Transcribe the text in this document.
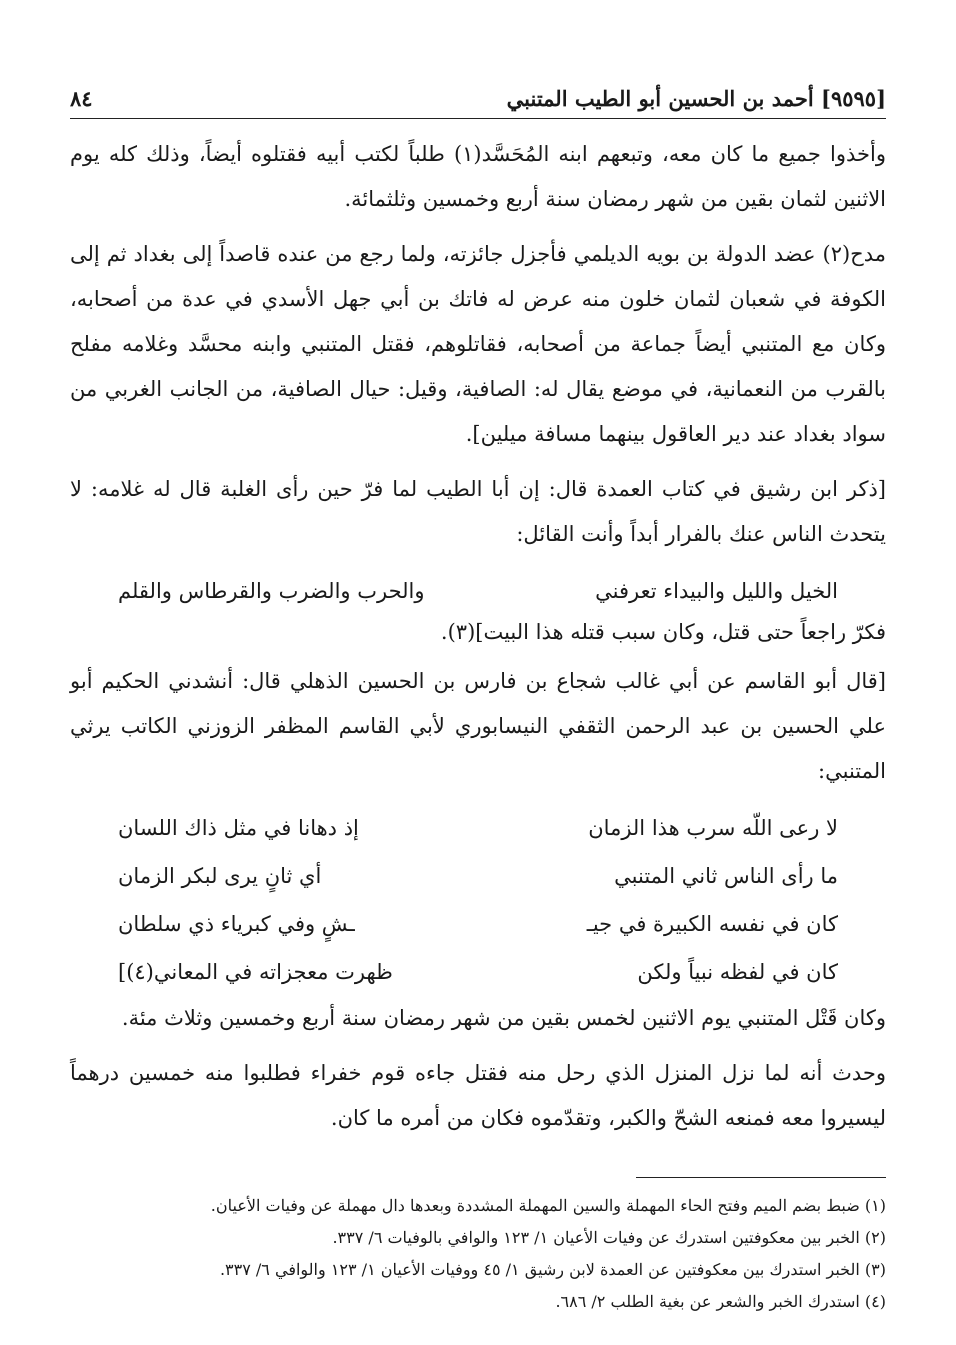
[٩٥٩٥] أحمد بن الحسين أبو الطيب المتنبي
٨٤

وأخذوا جميع ما كان معه، وتبعهم ابنه المُحَسَّد(١) طلباً لكتب أبيه فقتلوه أيضاً، وذلك كله يوم الاثنين لثمان بقين من شهر رمضان سنة أربع وخمسين وثلثمائة.

مدح(٢) عضد الدولة بن بويه الديلمي فأجزل جائزته، ولما رجع من عنده قاصداً إلى بغداد ثم إلى الكوفة في شعبان لثمان خلون منه عرض له فاتك بن أبي جهل الأسدي في عدة من أصحابه، وكان مع المتنبي أيضاً جماعة من أصحابه، فقاتلوهم، فقتل المتنبي وابنه محسَّد وغلامه مفلح بالقرب من النعمانية، في موضع يقال له: الصافية، وقيل: حيال الصافية، من الجانب الغربي من سواد بغداد عند دير العاقول بينهما مسافة ميلين].

[ذكر ابن رشيق في كتاب العمدة قال: إن أبا الطيب لما فرّ حين رأى الغلبة قال له غلامه: لا يتحدث الناس عنك بالفرار أبداً وأنت القائل:

الخيل والليل والبيداء تعرفني
والحرب والضرب والقرطاس والقلم

فكرّ راجعاً حتى قتل، وكان سبب قتله هذا البيت](٣).

[قال أبو القاسم عن أبي غالب شجاع بن فارس بن الحسين الذهلي قال: أنشدني الحكيم أبو علي الحسين بن عبد الرحمن الثقفي النيسابوري لأبي القاسم المظفر الزوزني الكاتب يرثي المتنبي:

لا رعى اللّه سرب هذا الزمان
إذ دهانا في مثل ذاك اللسان
ما رأى الناس ثاني المتنبي
أي ثانٍ يرى لبكر الزمان
كان في نفسه الكبيرة في جيـ
ـشٍ وفي كبرياء ذي سلطان
كان في لفظه نبياً ولكن
ظهرت معجزاته في المعاني(٤)]

وكان قَتْل المتنبي يوم الاثنين لخمس بقين من شهر رمضان سنة أربع وخمسين وثلاث مئة.

وحدث أنه لما نزل المنزل الذي رحل منه فقتل جاءه قوم خفراء فطلبوا منه خمسين درهماً ليسيروا معه فمنعه الشحّ والكبر، وتقدّموه فكان من أمره ما كان.

(١) ضبط بضم الميم وفتح الحاء المهملة والسين المهملة المشددة وبعدها دال مهملة عن وفيات الأعيان.

(٢) الخبر بين معكوفتين استدرك عن وفيات الأعيان ١/ ١٢٣ والوافي بالوفيات ٦/ ٣٣٧.

(٣) الخبر استدرك بين معكوفتين عن العمدة لابن رشيق ١/ ٤٥ ووفيات الأعيان ١/ ١٢٣ والوافي ٦/ ٣٣٧.

(٤) استدرك الخبر والشعر عن بغية الطلب ٢/ ٦٨٦.
